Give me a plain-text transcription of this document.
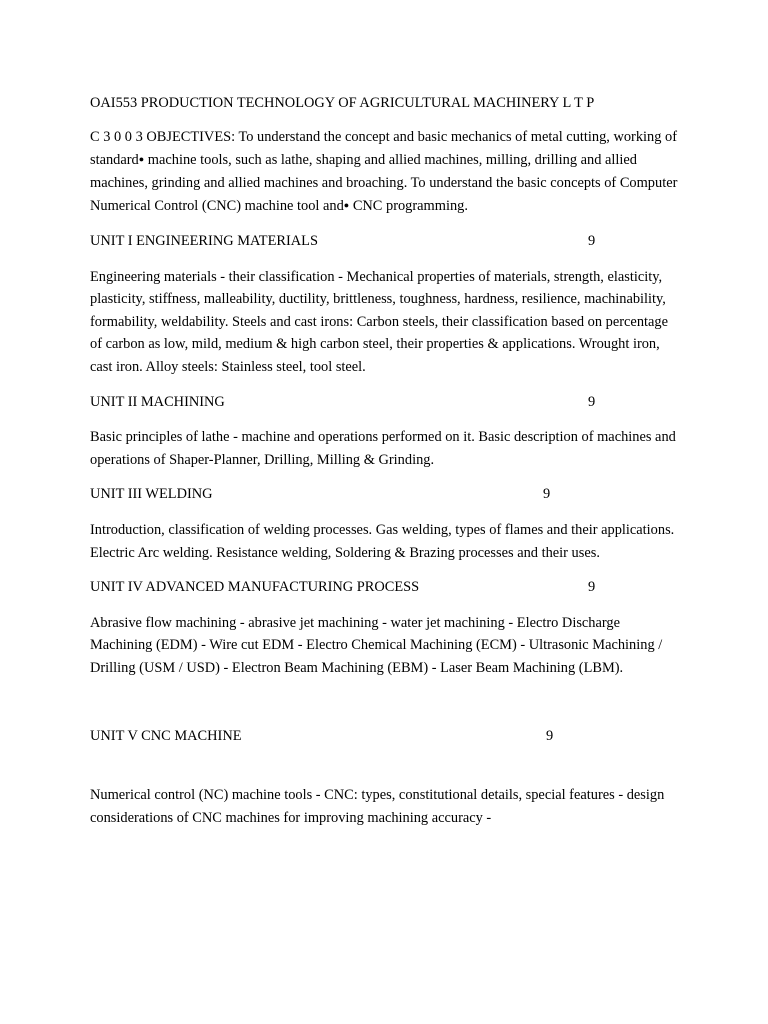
OAI553 PRODUCTION TECHNOLOGY OF AGRICULTURAL MACHINERY L T P

C 3 0 0 3 OBJECTIVES: To understand the concept and basic mechanics of metal cutting, working of standard● machine tools, such as lathe, shaping and allied machines, milling, drilling and allied machines, grinding and allied machines and broaching. To understand the basic concepts of Computer Numerical Control (CNC) machine tool and● CNC programming.

UNIT I ENGINEERING MATERIALS	9

Engineering materials - their classification - Mechanical properties of materials, strength, elasticity, plasticity, stiffness, malleability, ductility, brittleness, toughness, hardness, resilience, machinability, formability, weldability. Steels and cast irons: Carbon steels, their classification based on percentage of carbon as low, mild, medium & high carbon steel, their properties & applications. Wrought iron, cast iron. Alloy steels: Stainless steel, tool steel.

UNIT II MACHINING	9

Basic principles of lathe - machine and operations performed on it. Basic description of machines and operations of Shaper-Planner, Drilling, Milling & Grinding.

UNIT III WELDING	9

Introduction, classification of welding processes. Gas welding, types of flames and their applications. Electric Arc welding. Resistance welding, Soldering & Brazing processes and their uses.

UNIT IV ADVANCED MANUFACTURING PROCESS	9

Abrasive flow machining - abrasive jet machining - water jet machining - Electro Discharge Machining (EDM) - Wire cut EDM - Electro Chemical Machining (ECM) - Ultrasonic Machining / Drilling (USM / USD) - Electron Beam Machining (EBM) - Laser Beam Machining (LBM).

UNIT V CNC MACHINE	9

Numerical control (NC) machine tools - CNC: types, constitutional details, special features - design considerations of CNC machines for improving machining accuracy -
